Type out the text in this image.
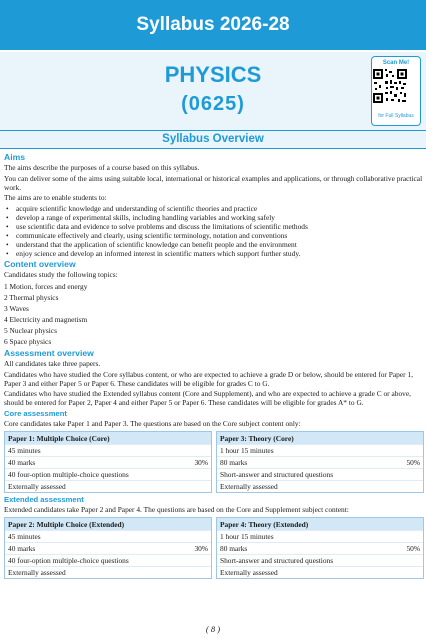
Syllabus 2026-28
PHYSICS
(0625)
Scan Me!
for Full Syllabus
Syllabus Overview
Aims

The aims describe the purposes of a course based on this syllabus.

You can deliver some of the aims using suitable local, international or historical examples and applications, or through collaborative practical work.

The aims are to enable students to:

• acquire scientific knowledge and understanding of scientific theories and practice
• develop a range of experimental skills, including handling variables and working safely
• use scientific data and evidence to solve problems and discuss the limitations of scientific methods
• communicate effectively and clearly, using scientific terminology, notation and conventions
• understand that the application of scientific knowledge can benefit people and the environment
• enjoy science and develop an informed interest in scientific matters which support further study.
Content overview

Candidates study the following topics:

1 Motion, forces and energy
2 Thermal physics
3 Waves
4 Electricity and magnetism
5 Nuclear physics
6 Space physics
Assessment overview

All candidates take three papers.

Candidates who have studied the Core syllabus content, or who are expected to achieve a grade D or below, should be entered for Paper 1, Paper 3 and either Paper 5 or Paper 6. These candidates will be eligible for grades C to G.

Candidates who have studied the Extended syllabus content (Core and Supplement), and who are expected to achieve a grade C or above, should be entered for Paper 2, Paper 4 and either Paper 5 or Paper 6. These candidates will be eligible for grades A* to G.

Core assessment

Core candidates take Paper 1 and Paper 3. The questions are based on the Core subject content only:

Paper 1: Multiple Choice (Core)
45 minutes
40 marks	30%
40 four-option multiple-choice questions
Externally assessed
Paper 3: Theory (Core)
1 hour 15 minutes
80 marks	50%
Short-answer and structured questions
Externally assessed
Extended assessment

Extended candidates take Paper 2 and Paper 4. The questions are based on the Core and Supplement subject content:

Paper 2: Multiple Choice (Extended)
45 minutes
40 marks	30%
40 four-option multiple-choice questions
Externally assessed
Paper 4: Theory (Extended)
1 hour 15 minutes
80 marks	50%
Short-answer and structured questions
Externally assessed
( 8 )
